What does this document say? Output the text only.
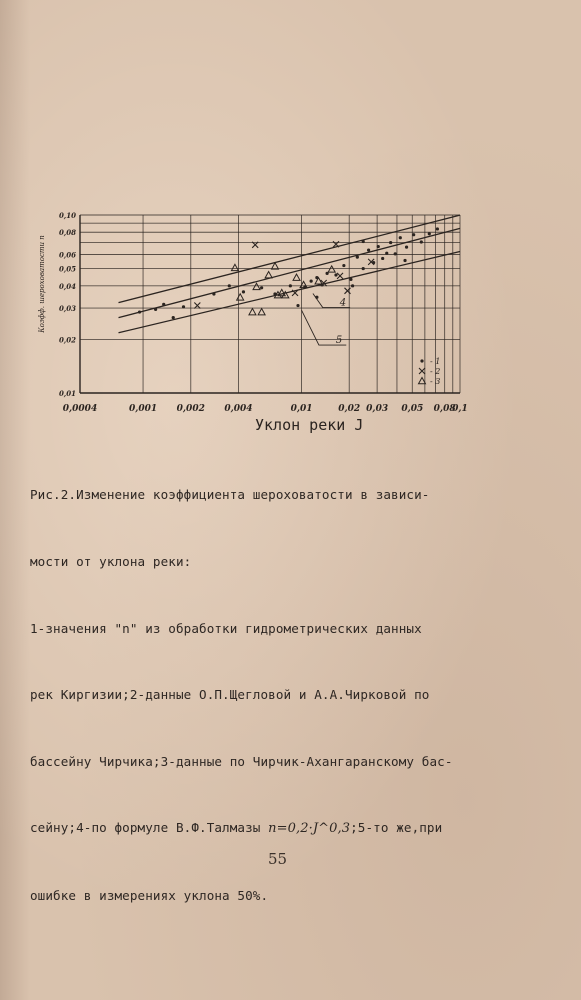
0,0004	0,001 0,002 0,004	0,01	0,02 0,03 0,05 0,08
0,1
0,01
0,02
0,03
0,04
0,05
0,06
0,08
0,10
Коэфф. шероховатости n	4
5
- 1
- 2
- 3
Уклон реки J

Рис.2.Изменение коэффициента шероховатости в зависи-

мости от уклона реки:

1-значения "n" из обработки гидрометрических данных

рек Киргизии;2-данные О.П.Щегловой и А.А.Чирковой по

бассейну Чирчика;3-данные по Чирчик-Ахангаранскому бас-

сейну;4-по формуле В.Ф.Талмазы n=0,2·J^0,3;5-то же,при

ошибке в измерениях уклона 50%.

55
